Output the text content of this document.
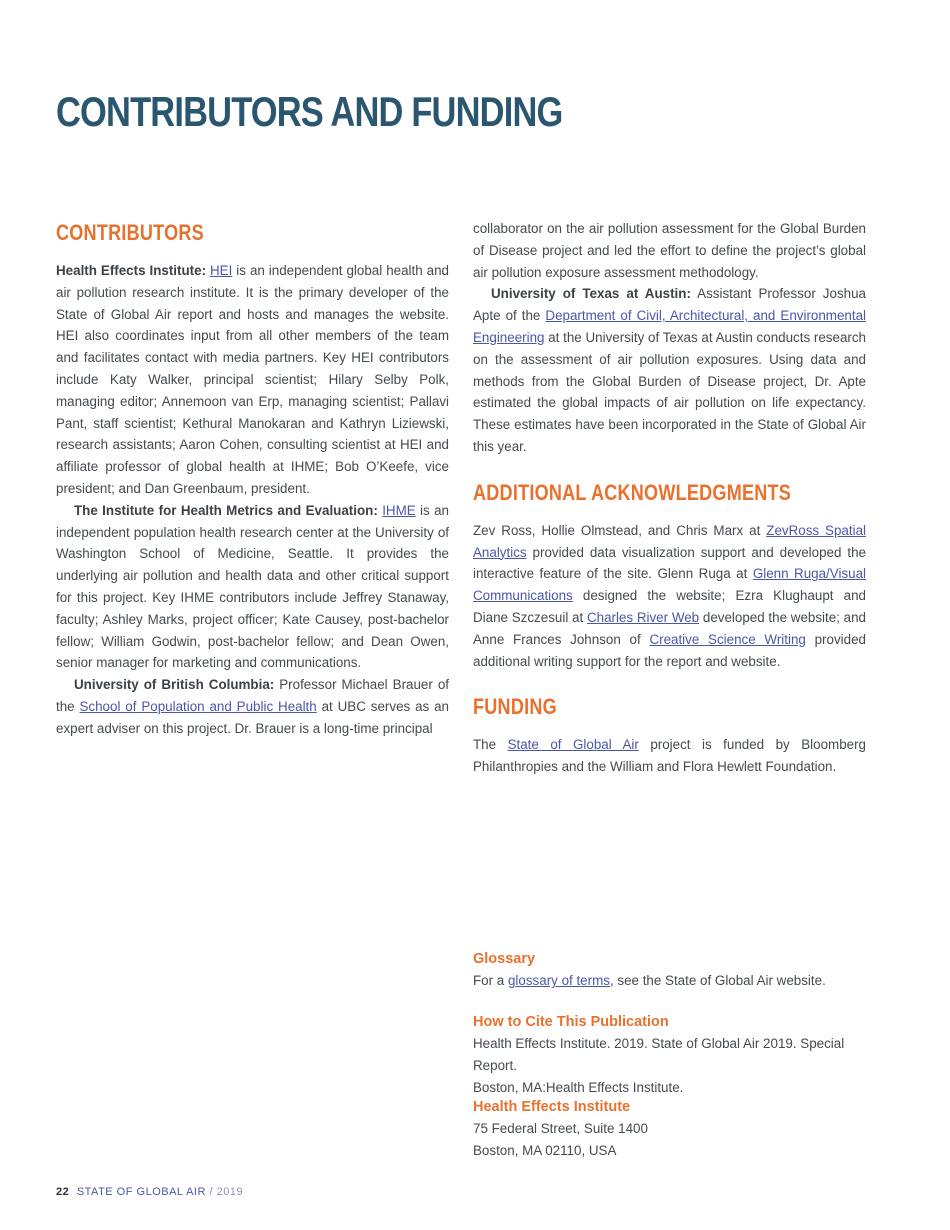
CONTRIBUTORS AND FUNDING
CONTRIBUTORS

Health Effects Institute: HEI is an independent global health and air pollution research institute. It is the primary developer of the State of Global Air report and hosts and manages the website. HEI also coordinates input from all other members of the team and facilitates contact with media partners. Key HEI contributors include Katy Walker, principal scientist; Hilary Selby Polk, managing editor; Annemoon van Erp, managing scientist; Pallavi Pant, staff scientist; Kethural Manokaran and Kathryn Liziewski, research assistants; Aaron Cohen, consulting scientist at HEI and affiliate professor of global health at IHME; Bob O’Keefe, vice president; and Dan Greenbaum, president.

The Institute for Health Metrics and Evaluation: IHME is an independent population health research center at the University of Washington School of Medicine, Seattle. It provides the underlying air pollution and health data and other critical support for this project. Key IHME contributors include Jeffrey Stanaway, faculty; Ashley Marks, project officer; Kate Causey, post-bachelor fellow; William Godwin, post-bachelor fellow; and Dean Owen, senior manager for marketing and communications.

University of British Columbia: Professor Michael Brauer of the School of Population and Public Health at UBC serves as an expert adviser on this project. Dr. Brauer is a long-time principal

collaborator on the air pollution assessment for the Global Burden of Disease project and led the effort to define the project’s global air pollution exposure assessment methodology.

University of Texas at Austin: Assistant Professor Joshua Apte of the Department of Civil, Architectural, and Environmental Engineering at the University of Texas at Austin conducts research on the assessment of air pollution exposures. Using data and methods from the Global Burden of Disease project, Dr. Apte estimated the global impacts of air pollution on life expectancy. These estimates have been incorporated in the State of Global Air this year.

ADDITIONAL ACKNOWLEDGMENTS

Zev Ross, Hollie Olmstead, and Chris Marx at ZevRoss Spatial Analytics provided data visualization support and developed the interactive feature of the site. Glenn Ruga at Glenn Ruga/Visual Communications designed the website; Ezra Klughaupt and Diane Szczesuil at Charles River Web developed the website; and Anne Frances Johnson of Creative Science Writing provided additional writing support for the report and website.

FUNDING

The State of Global Air project is funded by Bloomberg Philanthropies and the William and Flora Hewlett Foundation.

Glossary
For a glossary of terms, see the State of Global Air website.
How to Cite This Publication
Health Effects Institute. 2019. State of Global Air 2019. Special Report.
Boston, MA:Health Effects Institute.
Health Effects Institute
75 Federal Street, Suite 1400
Boston, MA 02110, USA
22 STATE OF GLOBAL AIR / 2019
